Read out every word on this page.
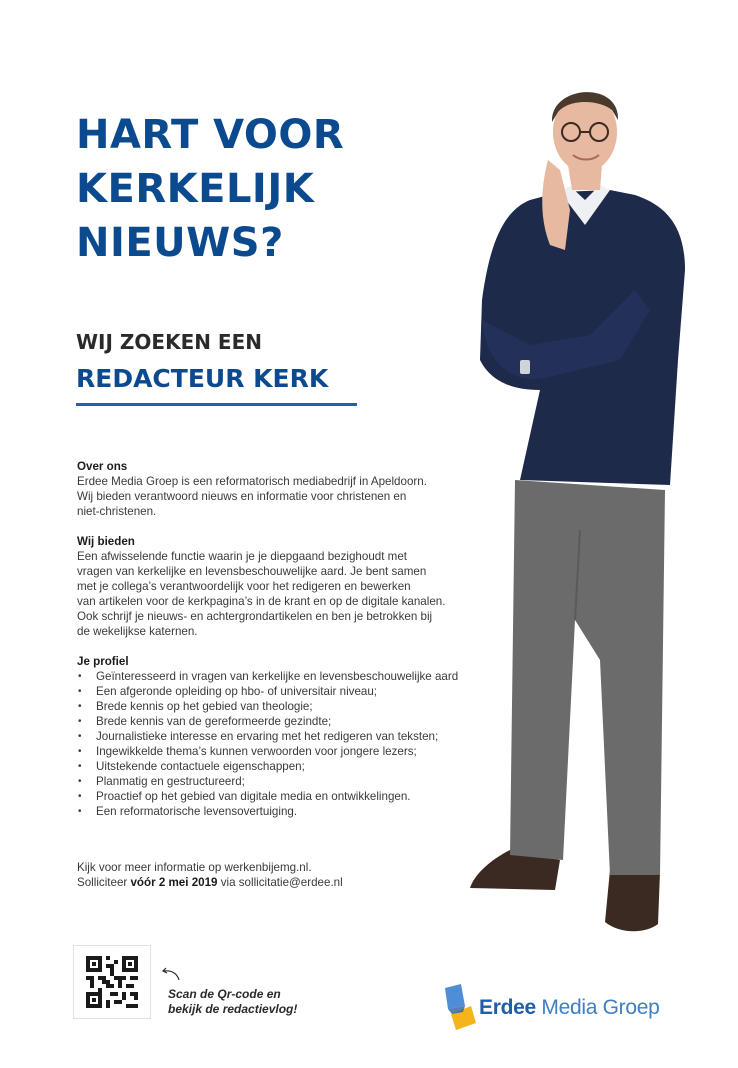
HART VOOR
KERKELIJK
NIEUWS?
WIJ ZOEKEN EEN
REDACTEUR KERK
Over ons

Erdee Media Groep is een reformatorisch mediabedrijf in Apeldoorn.
Wij bieden verantwoord nieuws en informatie voor christenen en
niet-christenen.

Wij bieden

Een afwisselende functie waarin je je diepgaand bezighoudt met
vragen van kerkelijke en levensbeschouwelijke aard. Je bent samen
met je collega’s verantwoordelijk voor het redigeren en bewerken
van artikelen voor de kerkpagina’s in de krant en op de digitale kanalen.
Ook schrijf je nieuws- en achtergrondartikelen en ben je betrokken bij
de wekelijkse katernen.

Je profiel
• Geïnteresseerd in vragen van kerkelijke en levensbeschouwelijke aard
• Een afgeronde opleiding op hbo- of universitair niveau;
• Brede kennis op het gebied van theologie;
• Brede kennis van de gereformeerde gezindte;
• Journalistieke interesse en ervaring met het redigeren van teksten;
• Ingewikkelde thema’s kunnen verwoorden voor jongere lezers;
• Uitstekende contactuele eigenschappen;
• Planmatig en gestructureerd;
• Proactief op het gebied van digitale media en ontwikkelingen.
• Een reformatorische levensovertuiging.
Kijk voor meer informatie op werkenbijemg.nl.
Solliciteer vóór 2 mei 2019 via sollicitatie@erdee.nl
Scan de Qr-code en
bekijk de redactievlog!	Erdee Media Groep
